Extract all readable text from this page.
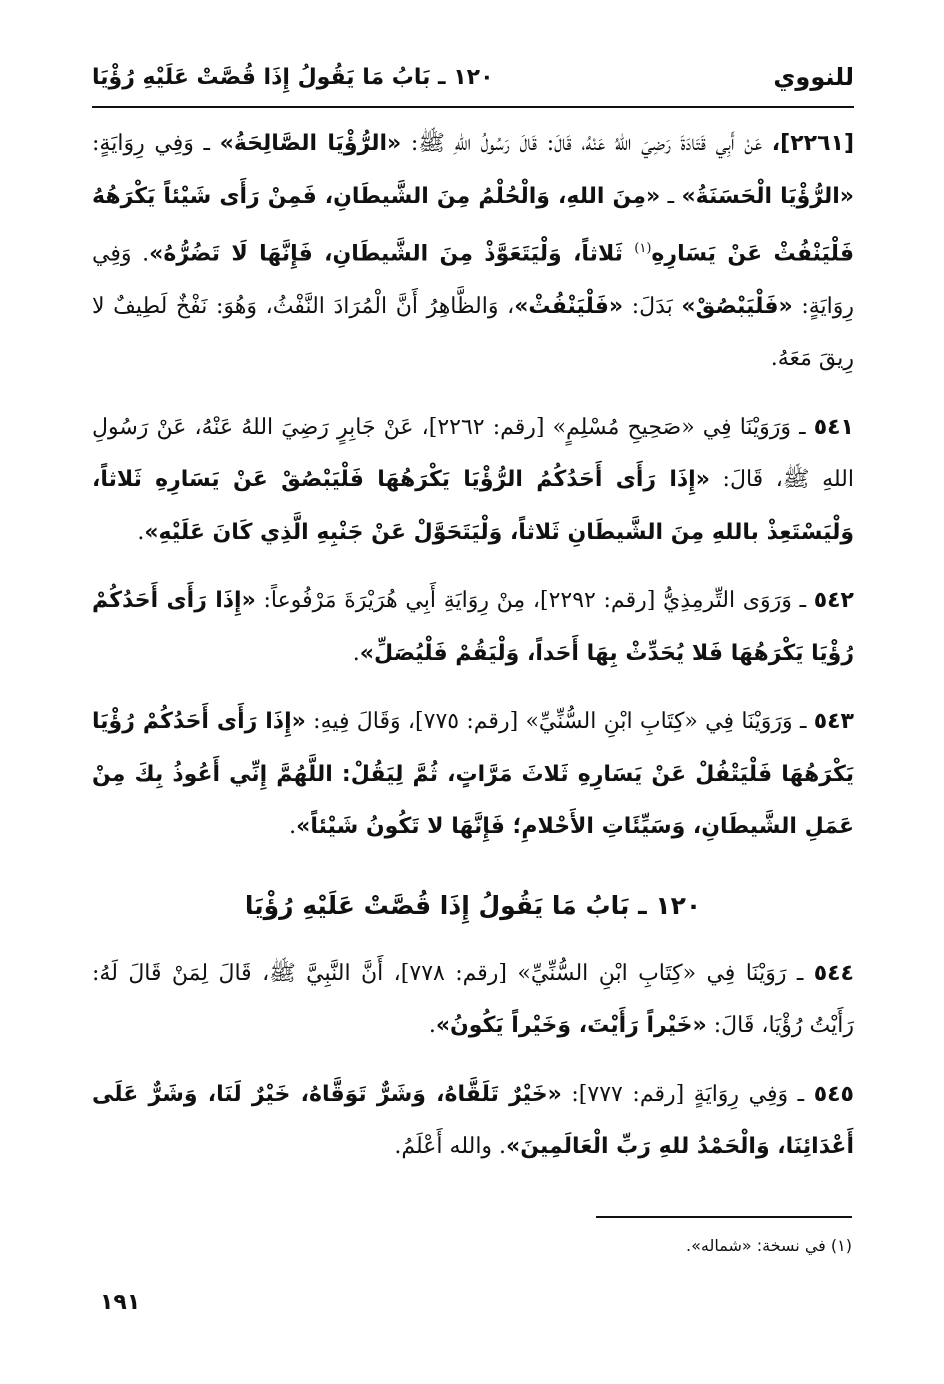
للنووي
١٢٠ ـ بَابُ مَا يَقُولُ إِذَا قُصَّتْ عَلَيْهِ رُؤْيَا

[٢٢٦١]، عَنْ أَبِي قَتَادَةَ رَضِيَ اللهُ عَنْهُ، قَالَ: قَالَ رَسُولُ اللهِ ﷺ: «الرُّؤْيَا الصَّالِحَةُ» ـ وَفِي رِوَايَةٍ: «الرُّؤْيَا الْحَسَنَةُ» ـ «مِنَ اللهِ، وَالْحُلْمُ مِنَ الشَّيطَانِ، فَمِنْ رَأَى شَيْئاً يَكْرَهُهُ فَلْيَنْفُثْ عَنْ يَسَارِهِ$^{(١)}$ ثَلاثاً، وَلْيَتَعَوَّذْ مِنَ الشَّيطَانِ، فَإِنَّهَا لَا تَضُرُّهُ». وَفِي رِوَايَةٍ: «فَلْيَبْصُقْ» بَدَلَ: «فَلْيَنْفُثْ»، وَالظَّاهِرُ أَنَّ الْمُرَادَ النَّفْثُ، وَهُوَ: نَفْخٌ لَطِيفٌ لا رِيقَ مَعَهُ.

٥٤١ ـ وَرَوَيْنَا فِي «صَحِيحِ مُسْلِمٍ» [رقم: ٢٢٦٢]، عَنْ جَابِرٍ رَضِيَ اللهُ عَنْهُ، عَنْ رَسُولِ اللهِ ﷺ، قَالَ: «إِذَا رَأَى أَحَدُكُمُ الرُّؤْيَا يَكْرَهُهَا فَلْيَبْصُقْ عَنْ يَسَارِهِ ثَلاثاً، وَلْيَسْتَعِذْ باللهِ مِنَ الشَّيطَانِ ثَلاثاً، وَلْيَتَحَوَّلْ عَنْ جَنْبِهِ الَّذِي كَانَ عَلَيْهِ».

٥٤٢ ـ وَرَوَى التِّرمِذِيُّ [رقم: ٢٢٩٢]، مِنْ رِوَايَةِ أَبِي هُرَيْرَةَ مَرْفُوعاً: «إِذَا رَأَى أَحَدُكُمْ رُؤْيَا يَكْرَهُهَا فَلا يُحَدِّثْ بِهَا أَحَداً، وَلْيَقُمْ فَلْيُصَلِّ».

٥٤٣ ـ وَرَوَيْنَا فِي «كِتَابِ ابْنِ السُّنِّيِّ» [رقم: ٧٧٥]، وَقَالَ فِيهِ: «إِذَا رَأَى أَحَدُكُمْ رُؤْيَا يَكْرَهُهَا فَلْيَتْفُلْ عَنْ يَسَارِهِ ثَلاثَ مَرَّاتٍ، ثُمَّ لِيَقُلْ: اللَّهُمَّ إِنِّي أَعُوذُ بِكَ مِنْ عَمَلِ الشَّيطَانِ، وَسَيِّئَاتِ الأَحْلامِ؛ فَإِنَّهَا لا تَكُونُ شَيْئاً».

١٢٠ ـ بَابُ مَا يَقُولُ إِذَا قُصَّتْ عَلَيْهِ رُؤْيَا

٥٤٤ ـ رَوَيْنَا فِي «كِتَابِ ابْنِ السُّنِّيِّ» [رقم: ٧٧٨]، أَنَّ النَّبِيَّ ﷺ، قَالَ لِمَنْ قَالَ لَهُ: رَأَيْتُ رُؤْيَا، قَالَ: «خَيْراً رَأَيْتَ، وَخَيْراً يَكُونُ».

٥٤٥ ـ وَفِي رِوَايَةٍ [رقم: ٧٧٧]: «خَيْرٌ تَلَقَّاهُ، وَشَرٌّ تَوَقَّاهُ، خَيْرٌ لَنَا، وَشَرٌّ عَلَى أَعْدَائِنَا، وَالْحَمْدُ للهِ رَبِّ الْعَالَمِينَ». والله أَعْلَمُ.

(١) في نسخة: «شماله».
١٩١
